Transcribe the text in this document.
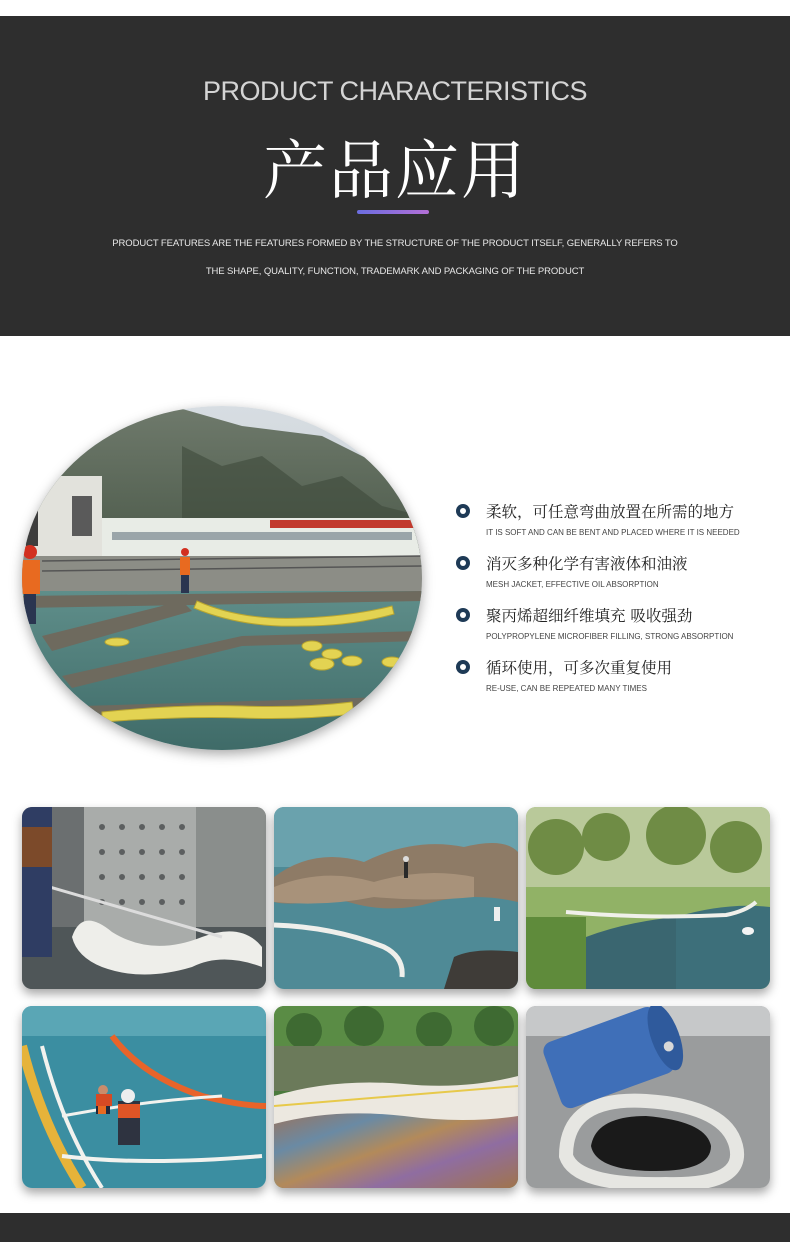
PRODUCT CHARACTERISTICS
产品应用
PRODUCT FEATURES ARE THE FEATURES FORMED BY THE STRUCTURE OF THE PRODUCT ITSELF, GENERALLY REFERS TO
THE SHAPE, QUALITY, FUNCTION, TRADEMARK AND PACKAGING OF THE PRODUCT
柔软，可任意弯曲放置在所需的地方
IT IS SOFT AND CAN BE BENT AND PLACED WHERE IT IS NEEDED
消灭多种化学有害液体和油液
MESH JACKET, EFFECTIVE OIL ABSORPTION
聚丙烯超细纤维填充 吸收强劲
POLYPROPYLENE MICROFIBER FILLING, STRONG ABSORPTION
循环使用，可多次重复使用
RE-USE, CAN BE REPEATED MANY TIMES
